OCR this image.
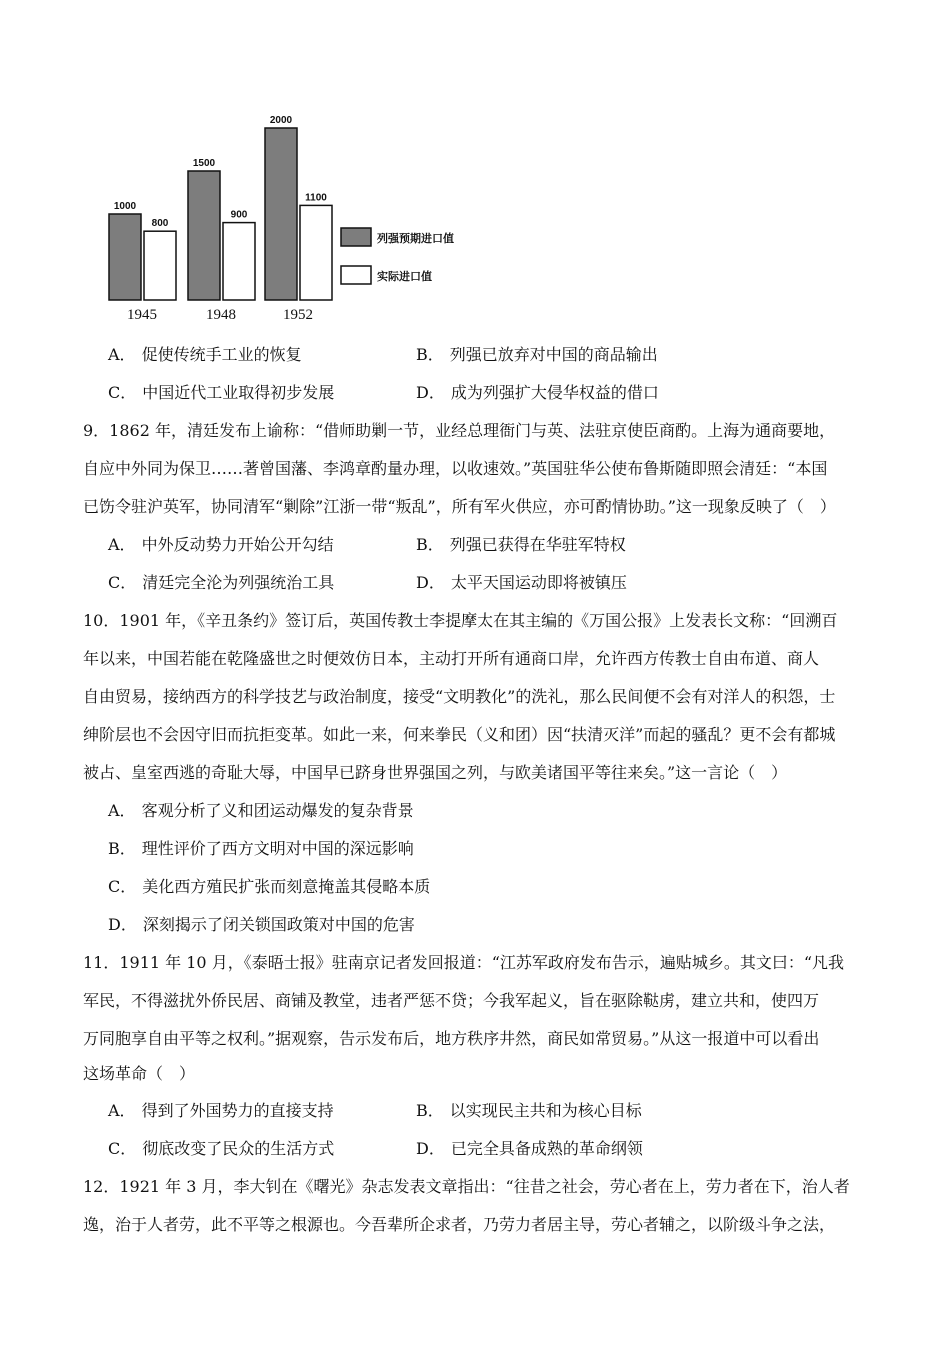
1000
800
1945
1500
900
1948
2000
1100
1952
列强预期进口值
实际进口值
A． 促使传统手工业的恢复	B． 列强已放弃对中国的商品输出
C． 中国近代工业取得初步发展	D． 成为列强扩大侵华权益的借口
9．1862 年，清廷发布上谕称：“借师助剿一节，业经总理衙门与英、法驻京使臣商酌。上海为通商要地，
自应中外同为保卫……著曾国藩、李鸿章酌量办理，以收速效。”英国驻华公使布鲁斯随即照会清廷：“本国
已饬令驻沪英军，协同清军“剿除”江浙一带“叛乱”，所有军火供应，亦可酌情协助。”这一现象反映了（　）
A． 中外反动势力开始公开勾结	B． 列强已获得在华驻军特权
C． 清廷完全沦为列强统治工具	D． 太平天国运动即将被镇压
10．1901 年，《辛丑条约》签订后，英国传教士李提摩太在其主编的《万国公报》上发表长文称：“回溯百
年以来，中国若能在乾隆盛世之时便效仿日本，主动打开所有通商口岸，允许西方传教士自由布道、商人
自由贸易，接纳西方的科学技艺与政治制度，接受“文明教化”的洗礼，那么民间便不会有对洋人的积怨，士
绅阶层也不会因守旧而抗拒变革。如此一来，何来拳民（义和团）因“扶清灭洋”而起的骚乱？更不会有都城
被占、皇室西逃的奇耻大辱，中国早已跻身世界强国之列，与欧美诸国平等往来矣。”这一言论（　）
A． 客观分析了义和团运动爆发的复杂背景
B． 理性评价了西方文明对中国的深远影响
C． 美化西方殖民扩张而刻意掩盖其侵略本质
D． 深刻揭示了闭关锁国政策对中国的危害
11．1911 年 10 月，《泰晤士报》驻南京记者发回报道：“江苏军政府发布告示，遍贴城乡。其文曰：“凡我
军民，不得滋扰外侨民居、商铺及教堂，违者严惩不贷；今我军起义，旨在驱除鞑虏，建立共和，使四万
万同胞享自由平等之权利。”据观察，告示发布后，地方秩序井然，商民如常贸易。”从这一报道中可以看出
这场革命（　）
A． 得到了外国势力的直接支持	B． 以实现民主共和为核心目标
C． 彻底改变了民众的生活方式	D． 已完全具备成熟的革命纲领
12．1921 年 3 月，李大钊在《曙光》杂志发表文章指出：“往昔之社会，劳心者在上，劳力者在下，治人者
逸，治于人者劳，此不平等之根源也。今吾辈所企求者，乃劳力者居主导，劳心者辅之，以阶级斗争之法，
